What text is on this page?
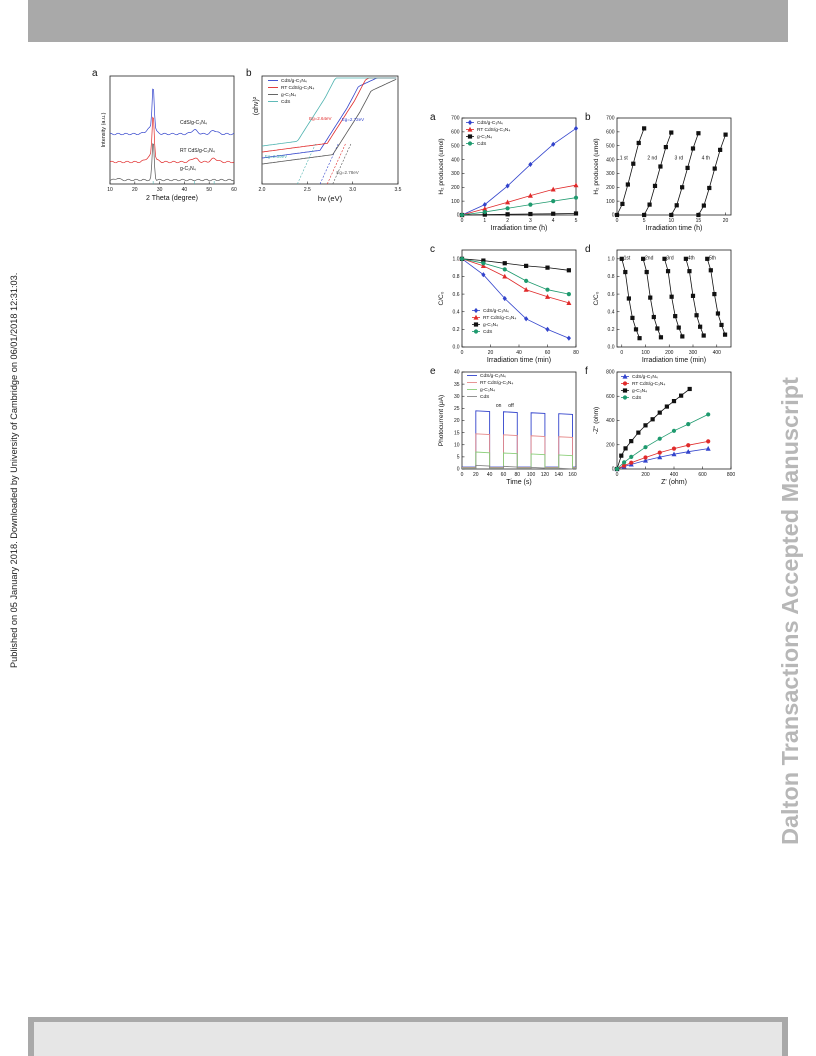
Published on 05 January 2018. Downloaded by University of Cambridge on 06/01/2018 12:31:03.	Dalton Transactions Accepted Manuscript
a
10	20	30	40	50	60
CdS/g-C₃N₄
RT CdS/g-C₃N₄
g-C₃N₄
2 Theta (degree)
Intensity (a.u.)
b
2.0	2.5	3.0	3.5
CdS/g-C₃N₄
RT CdS/g-C₃N₄
g-C₃N₄
CdS
Eg=2.64eV Eg=2.72eV
Eg=2.39eV
Eg=2.78eV
hν (eV)
(αhν)²
a
0	1	2	3	4	5
0
100
200
300
400
500
600
700
CdS/g-C₃N₄
RT CdS/g-C₃N₄
g-C₃N₄
CdS
Irradiation time (h)
H₂ produced (umol)
b
0	5	10	15	20
0
100
200
300
400
500
600
700
1 st	2 nd	3 rd	4 th
Irradiation time (h)
H₂ produced (umol)
c
0	20	40	60	80
0.0
0.2
0.4
0.6
0.8
1.0
CdS/g-C₃N₄
RT CdS/g-C₃N₄
g-C₃N₄
CdS
Irradiation time (min)
C/C₀
d
0	100	200	300	400
0.0
0.2
0.4
0.6
0.8
1.0 1st	2nd	3rd	4th	5th
Irradiation time (min)
C/C₀
e
0 20 40 60 80 100 120 140 160
0
5
10
15
20
25
30
35
40
CdS/g-C₃N₄
RT CdS/g-C₃N₄
g-C₃N₄
CdS
on off
Time (s)
Photocurrent (μA)
f
0	200	400	600	800
0
200
400
600
800
CdS/g-C₃N₄
RT CdS/g-C₃N₄
g-C₃N₄
CdS
Z' (ohm)
-Z'' (ohm)
